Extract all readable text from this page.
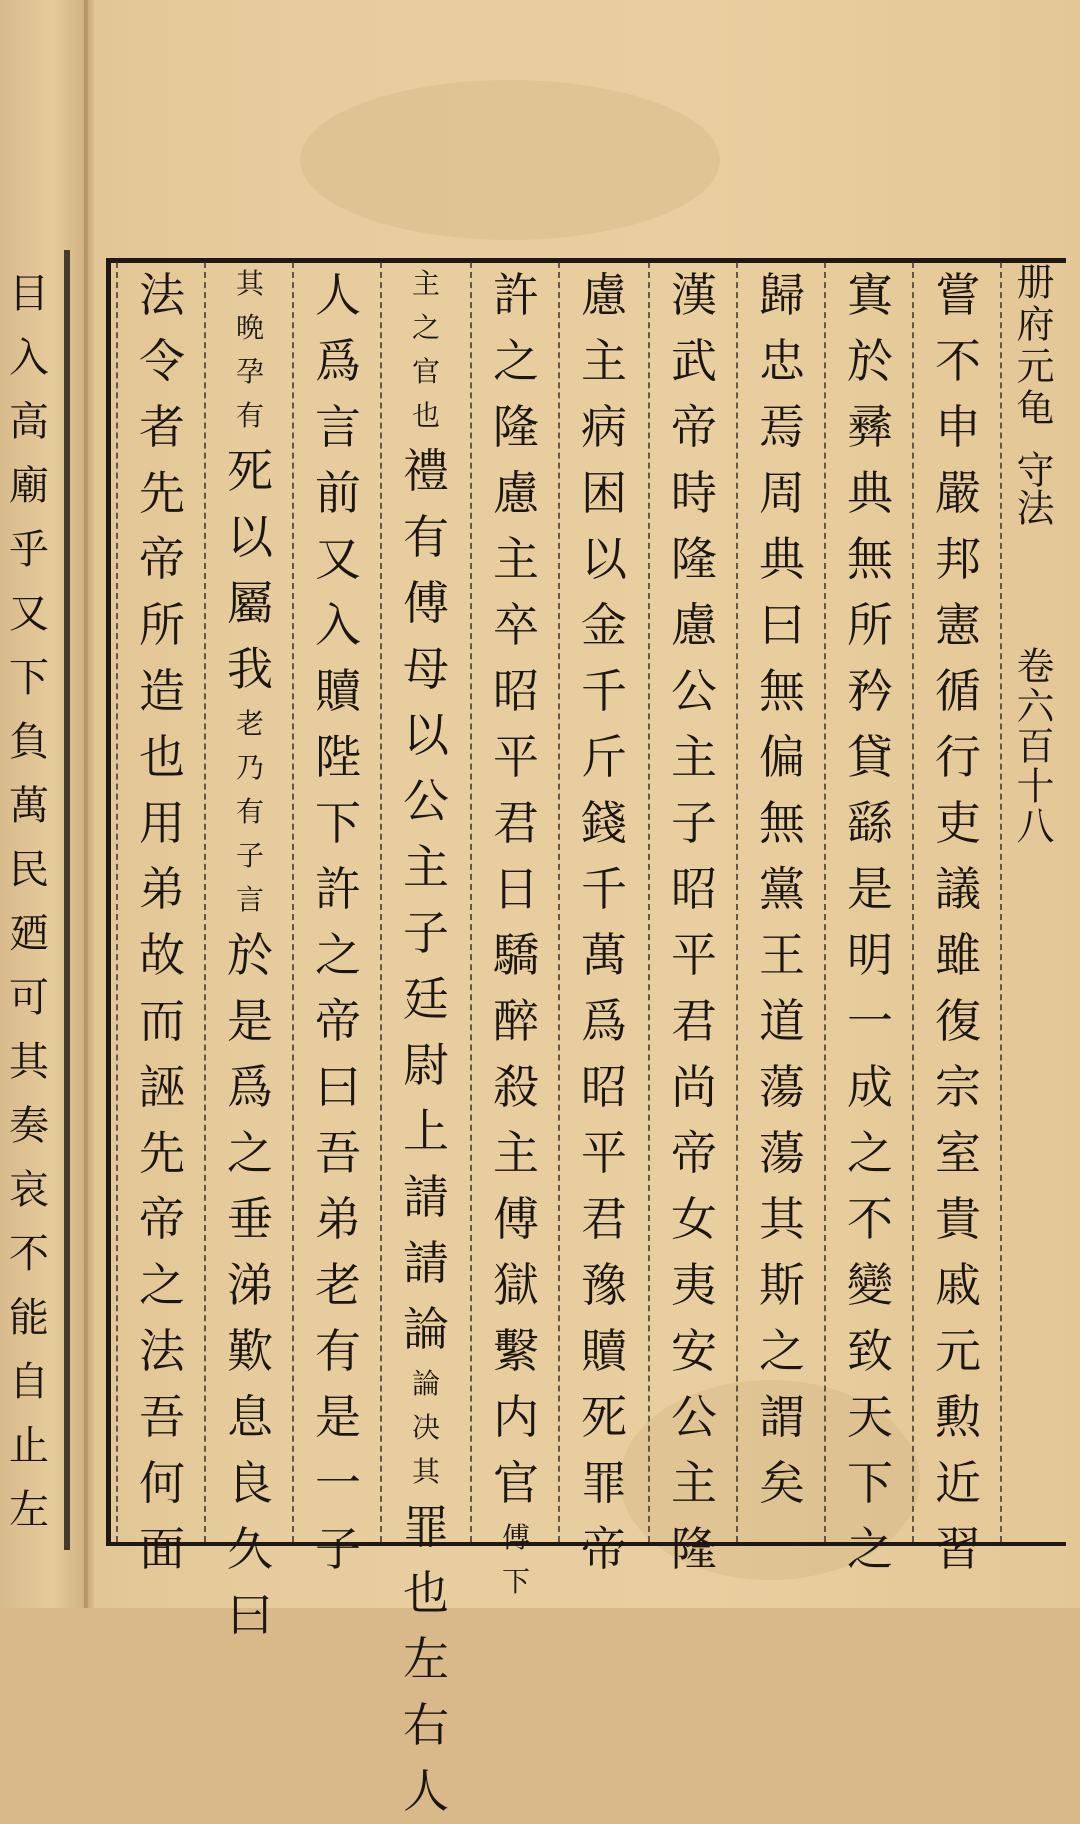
目
入
高
廟
乎
又
下
負
萬
民
廼
可
其
奏
哀
不
能
自
止
左
册府元龟
守法
卷六百十八
嘗
不
申
嚴
邦
憲
循
行
吏
議
雖
復
宗
室
貴
戚
元
勲
近
習
寘
於
彞
典
無
所
矜
貸
繇
是
明
一
成
之
不
變
致
天
下
之
歸
忠
焉
周
典
曰
無
偏
無
黨
王
道
蕩
蕩
其
斯
之
謂
矣
漢
武
帝
時
隆
慮
公
主
子
昭
平
君
尚
帝
女
夷
安
公
主
隆
慮
主
病
困
以
金
千
斤
錢
千
萬
爲
昭
平
君
豫
贖
死
罪
帝
許
之
隆
慮
主
卒
昭
平
君
日
驕
醉
殺
主
傅
獄
繫
内
官
傅
下
主
之
官
也
禮
有
傅
母
以
公
主
子
廷
尉
上
請
請
論
論
决
其
罪
也
左
右
人
人
爲
言
前
又
入
贖
陛
下
許
之
帝
曰
吾
弟
老
有
是
一
子
其
晩
孕
有
死
以
屬
我
老
乃
有
子
言
於
是
爲
之
垂
涕
歎
息
良
久
曰
法
令
者
先
帝
所
造
也
用
弟
故
而
誣
先
帝
之
法
吾
何
面
